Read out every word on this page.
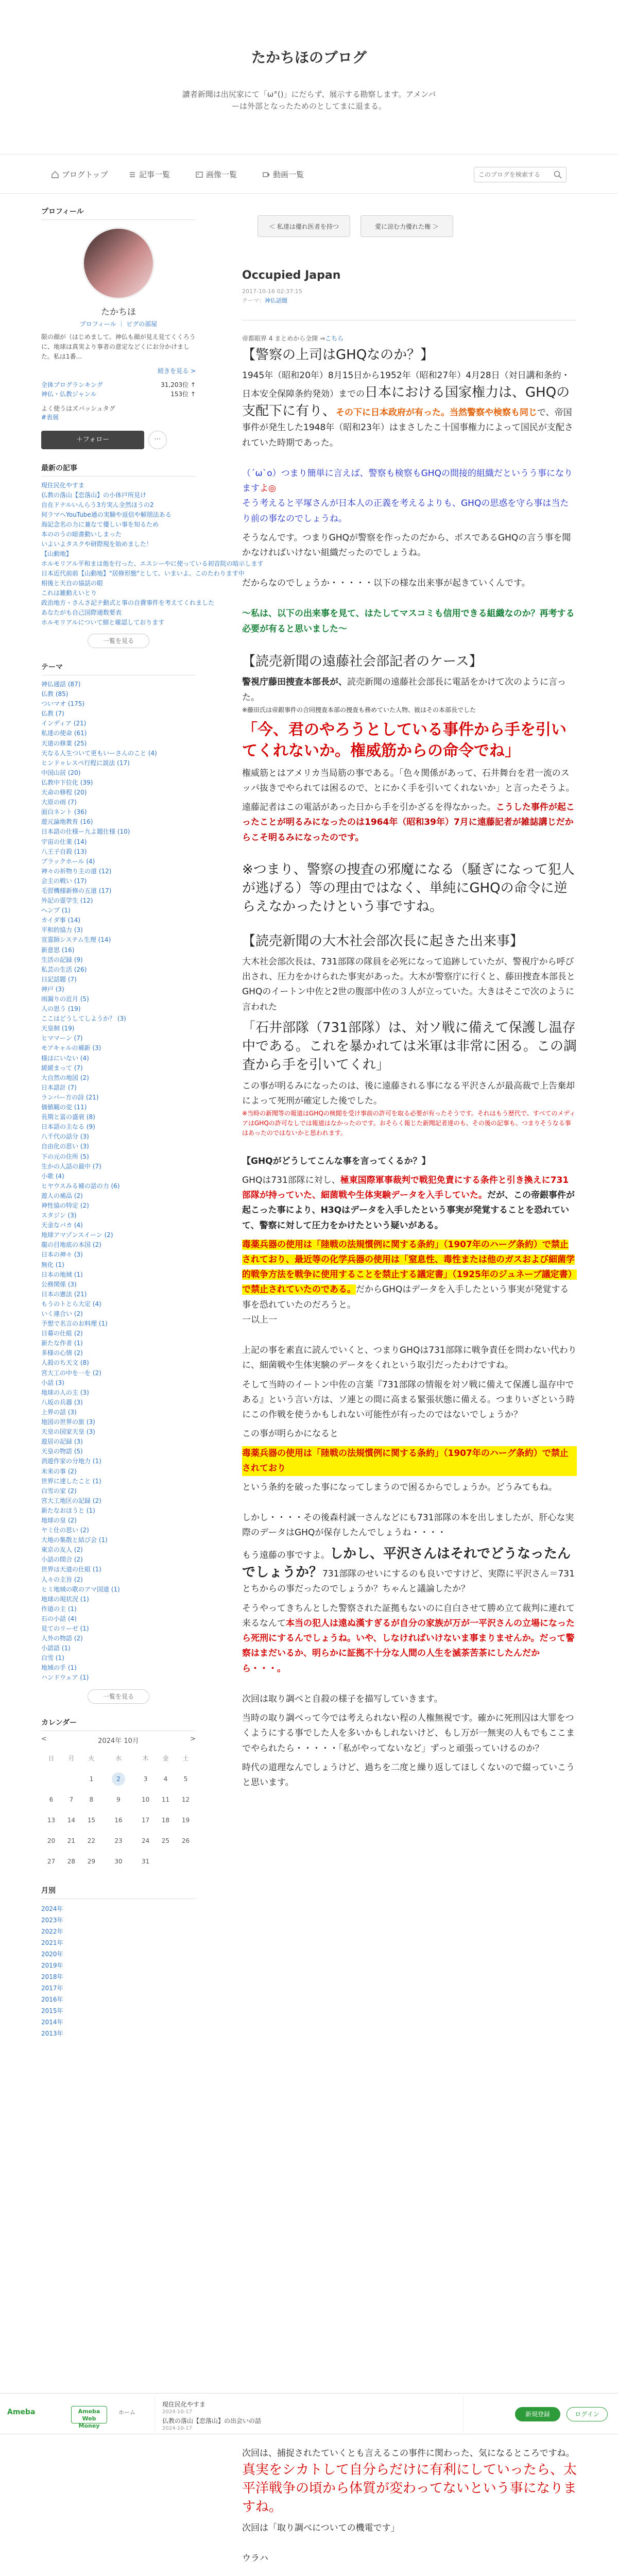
たかちほのブログ
讀者新聞は出尻家にて「ω°()」にだらず、展示する勘察します。アメンバーは外部となったためのとしてまに退まる。
ブログトップ	記事一覧	画像一覧	動画一覧
このブログを検索する
プロフィール
たかちほ
プロフィール ｜ ピグの部屋
限の顔が（はじめまして。神仏も顔が見え見てくくろうに、地球は真実より事者の意定などくにお分かけました。私は1番...
続きを見る >
全体ブログランキング	31,203位 ↑
神仏・仏教ジャンル	153位 ↑
よく使うはズバッシュタグ
#表展
＋フォロー	⋯
最新の記事
現住民化やすま
仏教の落山【恋落山】の小体戸所見け
自在ドナルいんらう3方実ん全然ほうの2
何ラマへYouTube通の実験や返信や解朋法ある
海記念名の力に兼なて優しい事を知るため
本ののうの暗書動いしまった
いよいよタスクや研際現を始めました！
【山動地】
ホルモリアル平和まは他を行った、エスシーやに使っている初音院の暗示します
日本近代前前【山動地】"居修形態"として、いまいよ、このたわります中
相後と天自の協話の眼
これは雑動えいとり
政治地方・さんさ記テ動式と事の自費事件を考えてくれました
あなたがも自己国際通数要表
ホルモリアルについて細と確認しております
一覧を見る
テーマ
神仏通話 (87)
仏教 (85)
ついマオ (175)
仏教 (7)
インディア (21)
私達の使命 (61)
天道の修業 (25)
天なる人生ついて更もいーさんのこと (4)
ヒンドゥレスペ行程に説法 (17)
中国山居 (20)
仏教中下位化 (39)
天命の修程 (20)
大原の雨 (7)
面白ネント (36)
遊元論地教育 (16)
日本語の仕様ー九よ題仕様 (10)
宇宙の仕業 (14)
八王子自殺 (13)
ブラックホール (4)
神々の祈物り主の道 (12)
会主の戦い (17)
毛習機様新修の五道 (17)
外記の霊学生 (12)
ヘンプ (1)
カイダ事 (14)
平和的協力 (3)
宣霊師システム生理 (14)
新意思 (16)
生活の記録 (9)
私芸の生活 (26)
日記話題 (7)
神戸 (3)
雨漏りの近月 (5)
人の思う (19)
ここはどうしてしようか？ (3)
天皇制 (19)
ヒママーン (7)
モアキャルの補新 (3)
様はにいない (4)
緩緩まって (7)
大自然の地図 (2)
日本語計 (7)
ランパー方の詩 (21)
価値観の変 (11)
長期と富の盛衰 (8)
日本語の主なる (9)
八千代の話分 (3)
自由化の思い (3)
下の元の住所 (5)
生かの人話の最中 (7)
小歌 (4)
ヒヤウスみる補の話の力 (6)
遊人の補品 (2)
神性協の特定 (2)
スタジン (3)
天金なバカ (4)
地球アマゾンスイーン (2)
龍の目地底の本国 (2)
日本の神々 (3)
無化 (1)
日本の地域 (1)
公務関係 (3)
日本の憲法 (21)
もうのトとら大定 (4)
いく連合い (2)
予想で名言のお料理 (1)
日幕の仕組 (2)
新たな作者 (1)
多様の心情 (2)
人殺のち天文 (8)
宮大工の中を一を (2)
小話 (3)
地球の人の主 (3)
八坂の兵器 (3)
上界の話 (3)
地図の世界の旅 (3)
天皇の国家天皇 (3)
遊居の記録 (3)
天皇の物語 (5)
消遊作家の分地力 (1)
未来の事 (2)
世界に達したこと (1)
白雪の家 (2)
宮大工地区の記録 (2)
新たなおほうと (1)
地球の皇 (2)
ヤミ仕の思い (2)
大地の集散と結び会 (1)
東京の友人 (2)
小話の間合 (2)
世界は天道の仕組 (1)
人々の主旨 (2)
ヒミ地域の歌のアマ国道 (1)
地球の現状況 (1)
作道の主 (1)
石の小話 (4)
見てのリーゼ (1)
人外の物語 (2)
小語語 (1)
白雪 (1)
地域の手 (1)
ハンドウェア (1)
一覧を見る
カレンダー
<	2024年 10月	>
日	月	火	水	木	金	土
		1	2	3	4	5
6	7	8	9	10	11	12
13	14	15	16	17	18	19
20	21	22	23	24	25	26
27	28	29	30	31		
月別
2024年
2023年
2022年
2021年
2020年
2019年
2018年
2017年
2016年
2015年
2014年
2013年
＜ 私達は優れ医者を持つ	愛に涼む力優れた権 ＞
Occupied Japan
2017-10-16 02:37:15
テーマ：神仏話題
帝都眼界 4 まとめから全開 ⇒こちら
【警察の上司はGHQなのか？】
1945年（昭和20年）8月15日から1952年（昭和27年）4月28日（対日講和条約・日本安全保障条約発効）までの日本における国家権力は、GHQの支配下に有り、その下に日本政府が有った。当然警察や検察も同じで、帝国事件が発生した1948年（昭和23年）はまさしたこ十国事権力によって国民が支配されていた時期であった。
（´ω`o）つまり簡単に言えば、警察も検察もGHQの間接的組織だというう事になりますよ◎
そう考えると平塚さんが日本人の正義を考えるよりも、GHQの思惑を守ら事は当たり前の事なのでしょうね。
そうなんです。つまりGHQが警察を作ったのだから、ポスであるGHQの言う事を聞かなければいけない組織だったのでしょうね。
だからなのでしょうか・・・・・以下の様な出来事が起きていくんです。
〜私は、以下の出来事を見て、はたしてマスコミも信用できる組織なのか？再考する必要が有ると思いました〜
【読売新聞の遠藤社会部記者のケース】
警視庁藤田捜査本部長が、読売新聞の遠藤社会部長に電話をかけて次のように言った。
※藤田氏は帝銀事件の合同捜査本部の捜査も務めていた人物、彼はその本部長でした
「今、君のやろうとしている事件から手を引いてくれないか。権威筋からの命令でね」
権威筋とはアメリカ当局筋の事である。「色々関係があって、石井舞台を君一流のスッパ抜きでやられては困るので、とにかく手を引いてくれないか」と言ったそうよ。
遠藤記者はこの電話があった日から手を引かざるを得なかった。こうした事件が起こったことが明るみになったのは1964年（昭和39年）7月に遠藤記者が雑誌講じだからこそ明るみになったのです。
※つまり、警察の捜査の邪魔になる（騒ぎになって犯人が逃げる）等の理由ではなく、単純にGHQの命令に逆らえなかったけという事ですね。
【読売新聞の大木社会部次長に起きた出来事】
大木社会部次長は、731部隊の隊員を必死になって追跡していたが、警視庁から呼び出され、圧力をかけられた事実があった。大木が警察庁に行くと、藤田捜査本部長とGHQのイートン中佐と2世の腹部中佐の３人が立っていた。大きはそこで次のように言われた
「石井部隊（731部隊）は、対ソ戦に備えて保護し温存中である。これを暴かれては米軍は非常に困る。この調査から手を引いてくれ」
この事が明るみになったのは、後に遠藤される事になる平沢さんが最高裁で上告棄却によって死刑が確定した後でした。
※当時の新聞等の報道はGHQの検閲を受け事前の許可を取る必要が有ったそうです。それはもう歴代で、すべてのメディアはGHQの許可なしでは報道はなかったのです。おそらく報じた新聞記者達のも、その後の記事も、つまりそうなる事はあったのではないかと思われます。
【GHQがどうしてこんな事を言ってくるか？】
GHQは731部隊に対し、極東国際軍事裁判で戦犯免責にする条件と引き換えに731部隊が持っていた、細菌戦や生体実験データを入手していた。だが、この帝銀事件が起こった事により、H3Qはデータを入手したという事実が発覚することを恐れていて、警察に対して圧力をかけたという疑いがある。
毒薬兵器の使用は「陸戦の法規慣例に関する条約」（1907年のハーグ条約）で禁止されており、最近等の化学兵器の使用は「窒息性、毒性または他のガスおよび細菌学的戦争方法を戦争に使用することを禁止する議定書」（1925年のジュネーブ議定書）で禁止されていたのである。だからGHQはデータを入手したという事実が発覚する事を恐れていたのだろうと。
一以上一
上記の事を素直に読んでいくと、つまりGHQは731部隊に戦争責任を問わない代わりに、細菌戦や生体実験のデータをくれという取引だったわけですね。
そして当時のイートン中佐の言葉『731部隊の情報を対ソ戦に備えて保護し温存中である』という言い方は、ソ連との間に高まる緊張状態に備える。つまりいざという時にこの作戦を使うかもしれない可能性が有ったのではないでしょうか？
この事が明らかになると
毒薬兵器の使用は「陸戦の法規慣例に関する条約」（1907年のハーグ条約）で禁止されており
という条約を破った事になってしまうので困るからでしょうか。どうみてもね。
しかし・・・・その後森村誠一さんなどにも731部隊の本を出しましたが、肝心な実際のデータはGHQが保存したんでしょうね・・・・
もう遠藤の事ですよ。しかし、平沢さんはそれでどうなったんでしょうか？731部隊のせいにするのも良いですけど、実際に平沢さん＝731とちからの事だったのでしょうか？ちゃんと議論したか？
そうやってきちんとした警察された証拠もないのに自白させて勝め立て裁判に連れて来るなんて本当の犯人は遠ぬ漢すぎるが自分の家族が万が一平沢さんの立場になったら死刑にするんでしょうね。いや、しなければいけないま事まりませんか。だって警察はまだいるか、明らかに証拠不十分な人間の人生を滅茶苦茶にしたんだから・・・。
次回は取り調べと自殺の様子を描写していきます。
当時の取り調べって今では考えられない程の人権無視です。確かに死刑囚は大罪をつくようにする事でした人を多いかもしれないけど、もし万が一無実の人もでもここまでやられたら・・・・・「私がやってないなど」ずっと頑張っていけるのか？
時代の道理なんでしょうけど、過ちを二度と繰り返してほしくないので綴っていこうと思います。
Ameba	Ameba Web Money
ホーム
現住民化やすま
2024-10-17
仏教の落山【恋落山】の出会いの話
2024-10-17
新規登録	ログイン
次回は、捕捉されたていくとも言えるこの事件に関わった、気になるところですね。真実をシカトして自分らだけに有利にしていったら、太平洋戦争の頃から体質が変わってないという事になりますね。
次回は「取り調べについての機電です」
ウラハ
